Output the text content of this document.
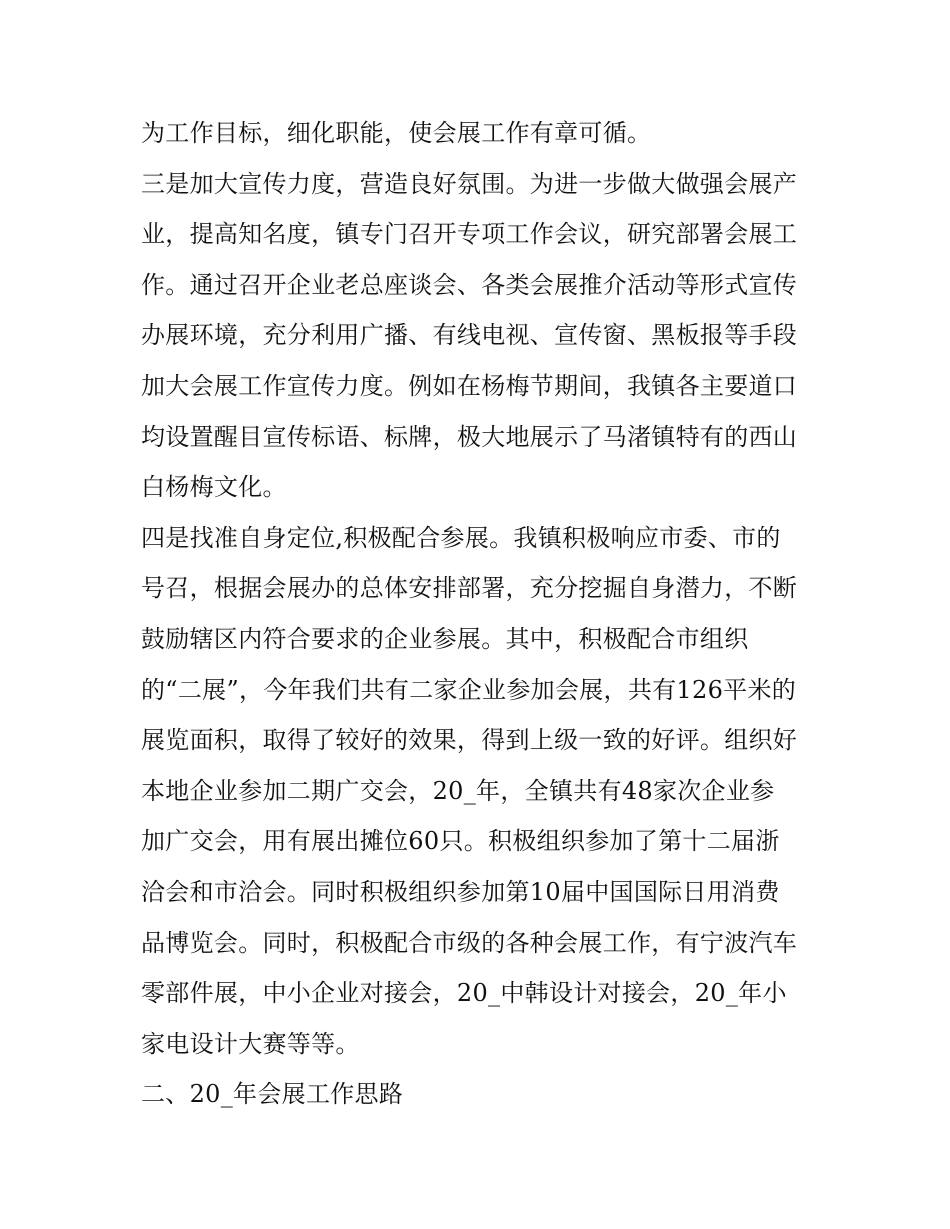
为工作目标，细化职能，使会展工作有章可循。
三是加大宣传力度，营造良好氛围。为进一步做大做强会展产
业，提高知名度，镇专门召开专项工作会议，研究部署会展工
作。通过召开企业老总座谈会、各类会展推介活动等形式宣传
办展环境，充分利用广播、有线电视、宣传窗、黑板报等手段
加大会展工作宣传力度。例如在杨梅节期间，我镇各主要道口
均设置醒目宣传标语、标牌，极大地展示了马渚镇特有的西山
白杨梅文化。
四是找准自身定位,积极配合参展。我镇积极响应市委、市的
号召，根据会展办的总体安排部署，充分挖掘自身潜力，不断
鼓励辖区内符合要求的企业参展。其中，积极配合市组织
的“二展”，今年我们共有二家企业参加会展，共有126平米的
展览面积，取得了较好的效果，得到上级一致的好评。组织好
本地企业参加二期广交会，20_年，全镇共有48家次企业参
加广交会，用有展出摊位60只。积极组织参加了第十二届浙
洽会和市洽会。同时积极组织参加第10届中国国际日用消费
品博览会。同时，积极配合市级的各种会展工作，有宁波汽车
零部件展，中小企业对接会，20_中韩设计对接会，20_年小
家电设计大赛等等。
二、20_年会展工作思路
